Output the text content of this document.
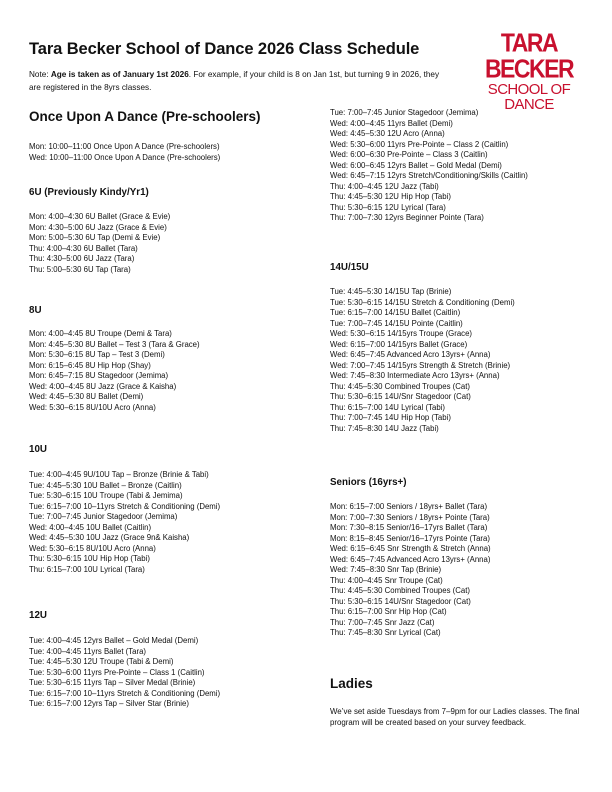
Tara Becker School of Dance 2026 Class Schedule	TARA BECKER
SCHOOL OF DANCE
Note: Age is taken as of January 1st 2026. For example, if your child is 8 on Jan 1st, but turning 9 in 2026, they are registered in the 8yrs classes.
Once Upon A Dance (Pre-schoolers)
Mon: 10:00–11:00 Once Upon A Dance (Pre-schoolers)
Wed: 10:00–11:00 Once Upon A Dance (Pre-schoolers)
6U (Previously Kindy/Yr1)
Mon: 4:00–4:30 6U Ballet (Grace & Evie)
Mon: 4:30–5:00 6U Jazz (Grace & Evie)
Mon: 5:00–5:30 6U Tap (Demi & Evie)
Thu: 4:00–4:30 6U Ballet (Tara)
Thu: 4:30–5:00 6U Jazz (Tara)
Thu: 5:00–5:30 6U Tap (Tara)
8U
Mon: 4:00–4:45 8U Troupe (Demi & Tara)
Mon: 4:45–5:30 8U Ballet – Test 3 (Tara & Grace)
Mon: 5:30–6:15 8U Tap – Test 3 (Demi)
Mon: 6:15–6:45 8U Hip Hop (Shay)
Mon: 6:45–7:15 8U Stagedoor (Jemima)
Wed: 4:00–4:45 8U Jazz (Grace & Kaisha)
Wed: 4:45–5:30 8U Ballet (Demi)
Wed: 5:30–6:15 8U/10U Acro (Anna)
10U
Tue: 4:00–4:45 9U/10U Tap – Bronze (Brinie & Tabi)
Tue: 4:45–5:30 10U Ballet – Bronze (Caitlin)
Tue: 5:30–6:15 10U Troupe (Tabi & Jemima)
Tue: 6:15–7:00 10–11yrs Stretch & Conditioning (Demi)
Tue: 7:00–7:45 Junior Stagedoor (Jemima)
Wed: 4:00–4:45 10U Ballet (Caitlin)
Wed: 4:45–5:30 10U Jazz (Grace 9n& Kaisha)
Wed: 5:30–6:15 8U/10U Acro (Anna)
Thu: 5:30–6:15 10U Hip Hop (Tabi)
Thu: 6:15–7:00 10U Lyrical (Tara)
12U
Tue: 4:00–4:45 12yrs Ballet – Gold Medal (Demi)
Tue: 4:00–4:45 11yrs Ballet (Tara)
Tue: 4:45–5:30 12U Troupe (Tabi & Demi)
Tue: 5:30–6:00 11yrs Pre-Pointe – Class 1 (Caitlin)
Tue: 5:30–6:15 11yrs Tap – Silver Medal (Brinie)
Tue: 6:15–7:00 10–11yrs Stretch & Conditioning (Demi)
Tue: 6:15–7:00 12yrs Tap – Silver Star (Brinie)
Tue: 7:00–7:45 Junior Stagedoor (Jemima)
Wed: 4:00–4:45 11yrs Ballet (Demi)
Wed: 4:45–5:30 12U Acro (Anna)
Wed: 5:30–6:00 11yrs Pre-Pointe – Class 2 (Caitlin)
Wed: 6:00–6:30 Pre-Pointe – Class 3 (Caitlin)
Wed: 6:00–6:45 12yrs Ballet – Gold Medal (Demi)
Wed: 6:45–7:15 12yrs Stretch/Conditioning/Skills (Caitlin)
Thu: 4:00–4:45 12U Jazz (Tabi)
Thu: 4:45–5:30 12U Hip Hop (Tabi)
Thu: 5:30–6:15 12U Lyrical (Tara)
Thu: 7:00–7:30 12yrs Beginner Pointe (Tara)
14U/15U
Tue: 4:45–5:30 14/15U Tap (Brinie)
Tue: 5:30–6:15 14/15U Stretch & Conditioning (Demi)
Tue: 6:15–7:00 14/15U Ballet (Caitlin)
Tue: 7:00–7:45 14/15U Pointe (Caitlin)
Wed: 5:30–6:15 14/15yrs Troupe (Grace)
Wed: 6:15–7:00 14/15yrs Ballet (Grace)
Wed: 6:45–7:45 Advanced Acro 13yrs+ (Anna)
Wed: 7:00–7:45 14/15yrs Strength & Stretch (Brinie)
Wed: 7:45–8:30 Intermediate Acro 13yrs+ (Anna)
Thu: 4:45–5:30 Combined Troupes (Cat)
Thu: 5:30–6:15 14U/Snr Stagedoor (Cat)
Thu: 6:15–7:00 14U Lyrical (Tabi)
Thu: 7:00–7:45 14U Hip Hop (Tabi)
Thu: 7:45–8:30 14U Jazz (Tabi)
Seniors (16yrs+)
Mon: 6:15–7:00 Seniors / 18yrs+ Ballet (Tara)
Mon: 7:00–7:30 Seniors / 18yrs+ Pointe (Tara)
Mon: 7:30–8:15 Senior/16–17yrs Ballet (Tara)
Mon: 8:15–8:45 Senior/16–17yrs Pointe (Tara)
Wed: 6:15–6:45 Snr Strength & Stretch (Anna)
Wed: 6:45–7:45 Advanced Acro 13yrs+ (Anna)
Wed: 7:45–8:30 Snr Tap (Brinie)
Thu: 4:00–4:45 Snr Troupe (Cat)
Thu: 4:45–5:30 Combined Troupes (Cat)
Thu: 5:30–6:15 14U/Snr Stagedoor (Cat)
Thu: 6:15–7:00 Snr Hip Hop (Cat)
Thu: 7:00–7:45 Snr Jazz (Cat)
Thu: 7:45–8:30 Snr Lyrical (Cat)
Ladies
We’ve set aside Tuesdays from 7–9pm for our Ladies classes. The final program will be created based on your survey feedback.
